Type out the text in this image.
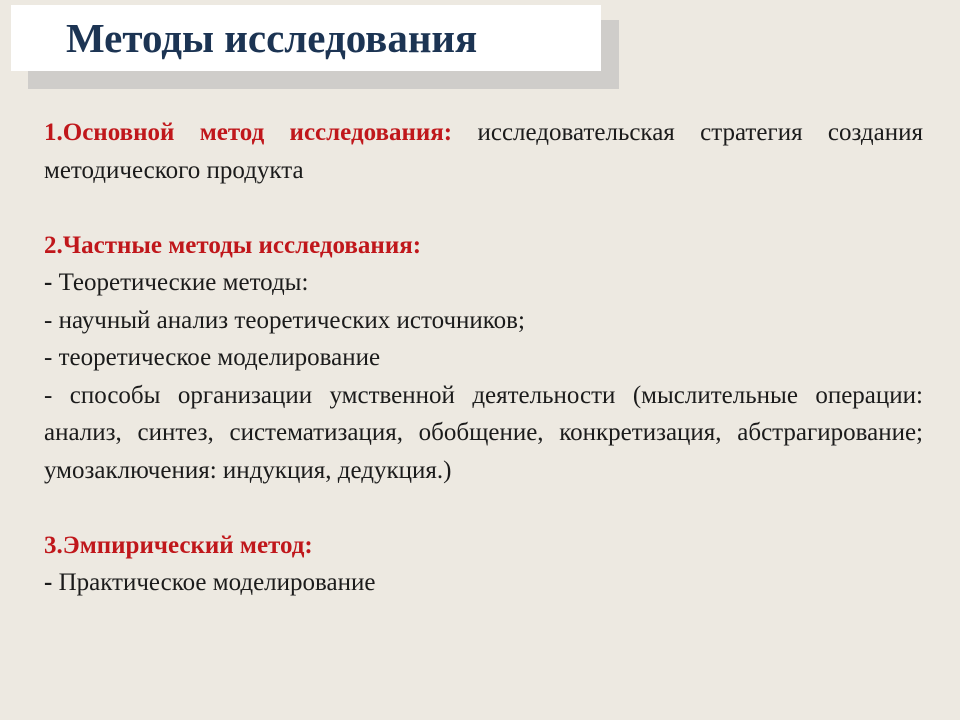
Методы исследования

1.Основной метод исследования: исследовательская стратегия создания методического продукта

2.Частные методы исследования:

- Теоретические методы:

- научный анализ теоретических источников;

- теоретическое моделирование

- способы организации умственной деятельности (мыслительные операции: анализ, синтез, систематизация, обобщение, конкретизация, абстрагирование; умозаключения: индукция, дедукция.)

3.Эмпирический метод:

- Практическое моделирование
